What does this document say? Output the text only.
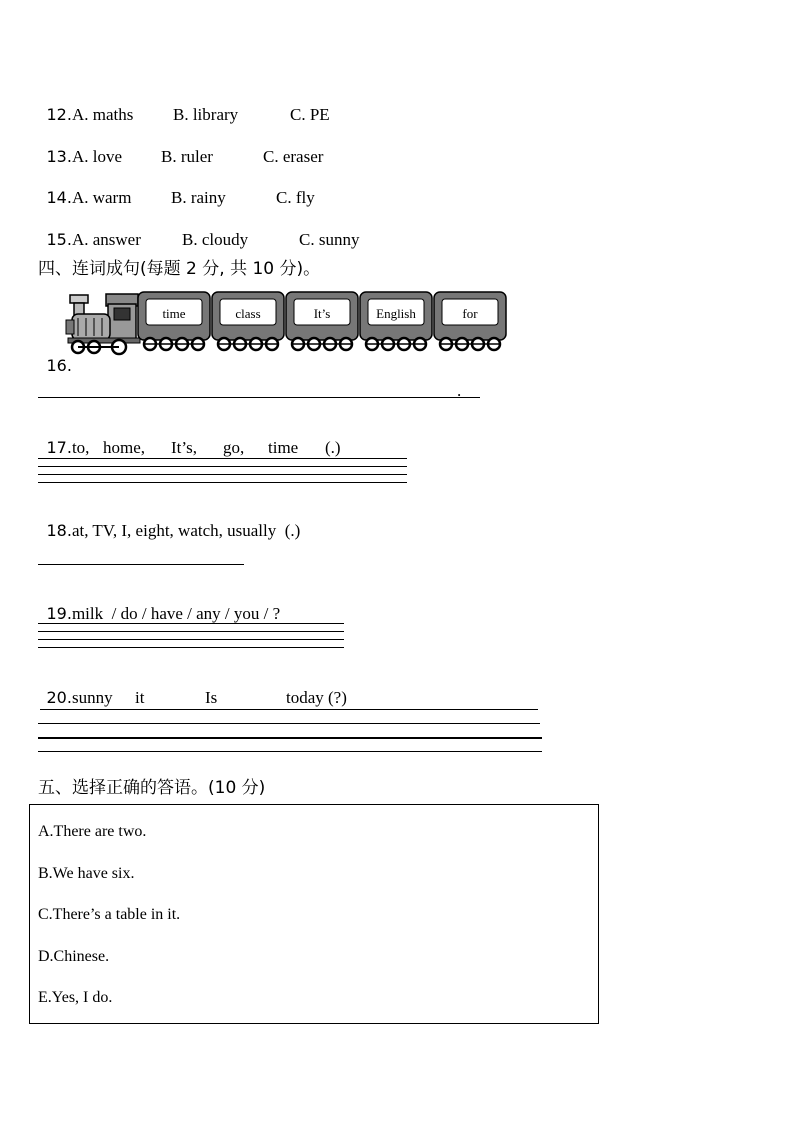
12.A. maths B. library	C. PE

13.A. love B. ruler	C. eraser

14.A. warm B. rainy	C. fly

15.A. answer B. cloudy	C. sunny

四、连词成句(每题 2 分, 共 10 分)。

16.

time	class	It’s	English	for
.

17.to, home, It’s, go, time (.)

18.at, TV, I, eight, watch, usually  (.)

19.milk  / do / have / any / you / ?

20.sunny it	Is	today (?)

五、选择正确的答语。(10 分)
A.There are two.
B.We have six.
C.There’s a table in it.
D.Chinese.
E.Yes, I do.
